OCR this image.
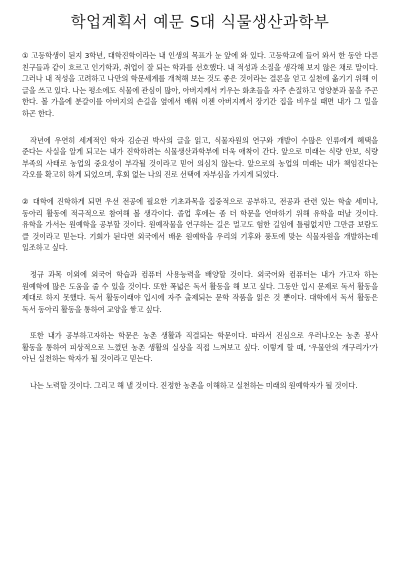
학업계획서 예문 S대 식물생산과학부

① 고등학생이 된지 3학년, 대학진학이라는 내 인생의 목표가 눈 앞에 와 있다. 고등학교에 들어 와서 한 동안 다른 친구들과 같이 흐르고 인기학과, 취업이 잘 되는 학과를 선호했다. 내 적성과 소질을 생각해 보지 않은 채로 말이다. 그러나 내 적성을 고려하고 나만의 학문세계를 개척해 보는 것도 좋은 것이라는 결론을 얻고 실천에 옮기기 위해 이 글을 쓰고 있다. 나는 평소에도 식물에 관심이 많아, 아버지께서 키우는 화초들을 자주 손질하고 영양분과 물을 주곤 한다. 볼 가을에 분갈이를 아버지의 손길을 옆에서 배워 이젠 아버지께서 장기간 집을 비우실 때면 내가 그 일을 하곤 한다.

작년에 우연히 세계적인 학자 김순권 박사의 글을 읽고, 식물자원의 연구와 개발이 수많은 인류에게 혜택을 준다는 사실을 알게 되고는 내가 진학하려는 식물생산과학부에 더욱 애착이 간다. 앞으로 미래는 식량 안보, 식량 부족의 사태로 농업의 중요성이 부각될 것이라고 믿어 의심치 않는다. 앞으로의 농업의 미래는 내가 책임진다는 각오를 확고히 하게 되었으며, 후회 없는 나의 진로 선택에 자부심을 가지게 되었다.

② 대학에 진학하게 되면 우선 전공에 필요한 기초과목을 집중적으로 공부하고, 전공과 관련 있는 학술 세미나, 동아리 활동에 적극적으로 참여해 볼 생각이다. 졸업 후에는 좀 더 학문을 연마하기 위해 유학을 떠날 것이다. 유학을 가서는 원예학을 공부할 것이다. 원예작물을 연구하는 길은 멀고도 험한 길임에 틀림없지만 그만큼 보람도 클 것이라고 믿는다. 기회가 된다면 외국에서 배운 원예학을 우리의 기후와 풍토에 맞는 식물자원을 개발하는데 일조하고 싶다.

정규 과목 이외에 외국어 학습과 컴퓨터 사용능력을 배양할 것이다. 외국어와 컴퓨터는 내가 가고자 하는 원예학에 많은 도움을 줄 수 있을 것이다. 또한 폭넓은 독서 활동을 해 보고 싶다. 그동안 입시 문제로 독서 활동을 제대로 하지 못했다. 독서 활동이래야 입시에 자주 출제되는 문학 작품을 읽은 것 뿐이다. 대학에서 독서 활동은 독서 동아리 활동을 통하여 교양을 쌓고 싶다.

또한 내가 공부하고자하는 학문은 농촌 생활과 직결되는 학문이다. 따라서 진심으로 우러나오는 농촌 봉사 활동을 통하여 피상적으로 느꼈던 농촌 생활의 실상을 직접 느껴보고 싶다. 이렇게 할 때, '우물안의 개구리가'가 아닌 실천하는 학자가 될 것이라고 믿는다.

나는 노력할 것이다. 그리고 해 낼 것이다. 진정한 농촌을 이해하고 실천하는 미래의 원예학자가 될 것이다.
